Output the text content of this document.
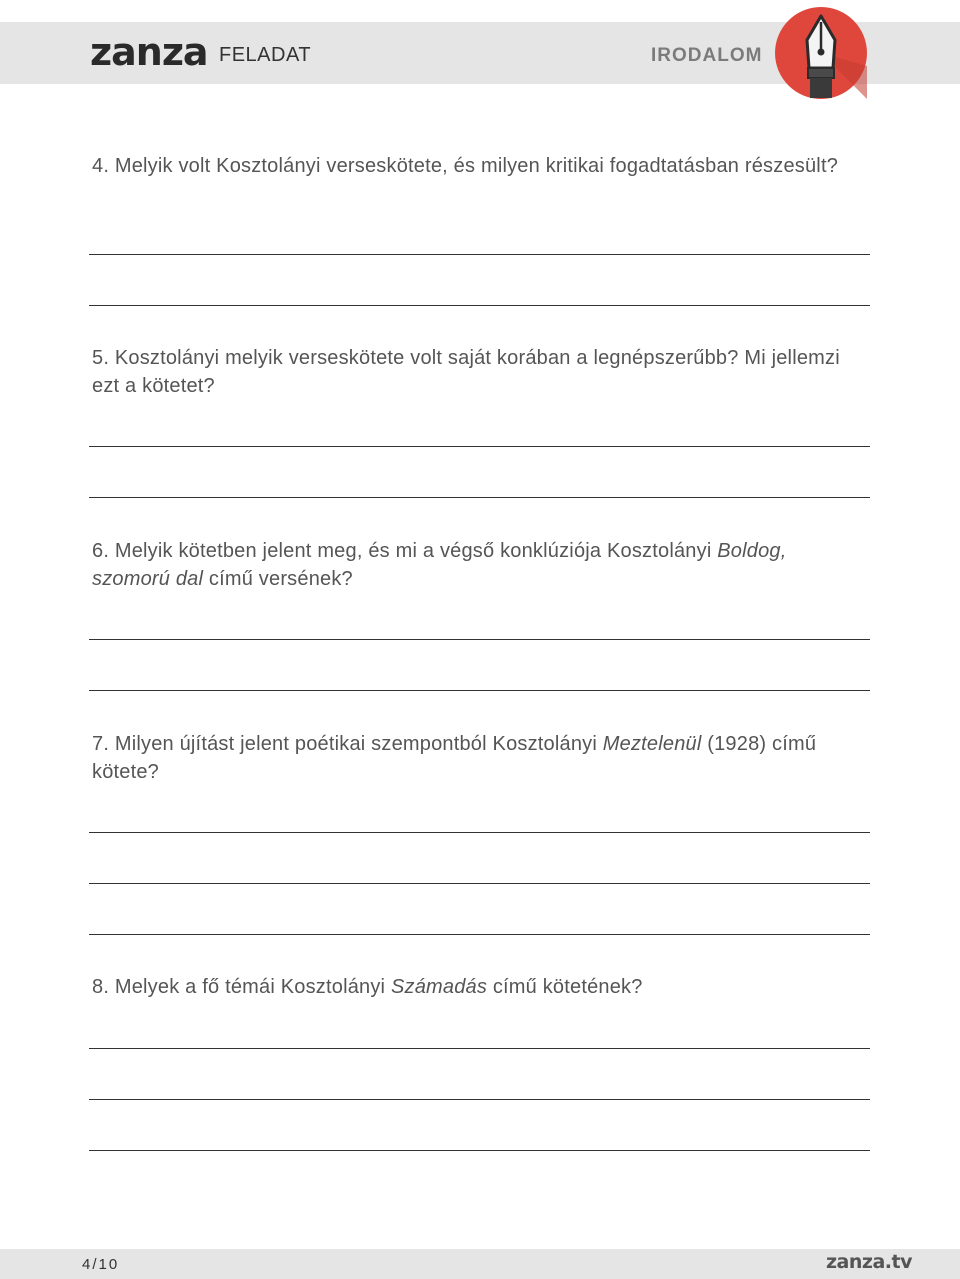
zanza FELADAT	IRODALOM
4. Melyik volt Kosztolányi verseskötete, és milyen kritikai fogadtatásban részesült?
5. Kosztolányi melyik verseskötete volt saját korában a legnépszerűbb? Mi jellemzi ezt a kötetet?
6. Melyik kötetben jelent meg, és mi a végső konklúziója Kosztolányi Boldog, szomorú dal című versének?
7. Milyen újítást jelent poétikai szempontból Kosztolányi Meztelenül (1928) című kötete?
8. Melyek a fő témái Kosztolányi Számadás című kötetének?
4/10	zanza.tv
